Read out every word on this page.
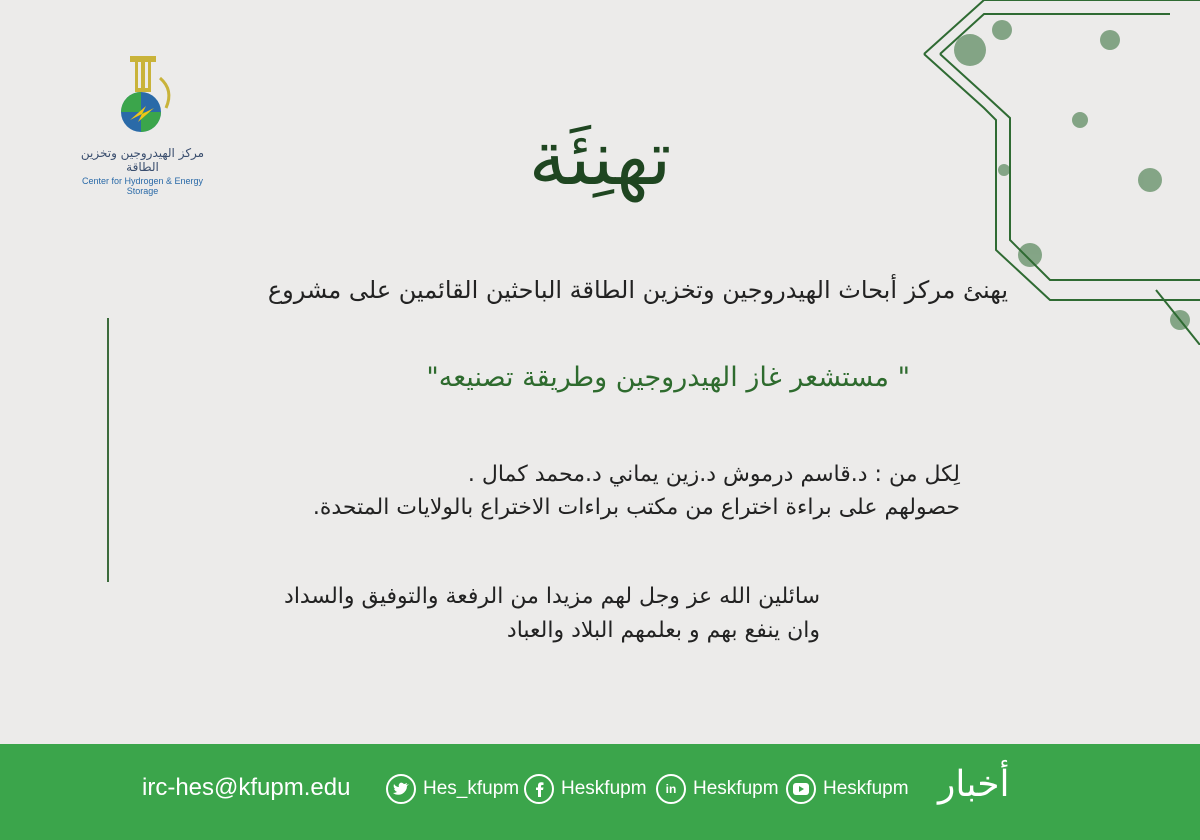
مركز الهيدروجين وتخزين الطاقة
Center for Hydrogen & Energy Storage	تهنِئَة
يهنئ مركز أبحاث الهيدروجين وتخزين الطاقة الباحثين القائمين على مشروع
" مستشعر غاز الهيدروجين وطريقة تصنيعه"
لِكل من : د.قاسم درموش د.زين يماني د.محمد كمال .
حصولهم على براءة اختراع من مكتب براءات الاختراع بالولايات المتحدة.
سائلين الله عز وجل لهم مزيدا من الرفعة والتوفيق والسداد
وان ينفع بهم و بعلمهم البلاد والعباد
irc-hes@kfupm.edu	Hes_kfupm Heskfupm	in Heskfupm Heskfupm أخبار
